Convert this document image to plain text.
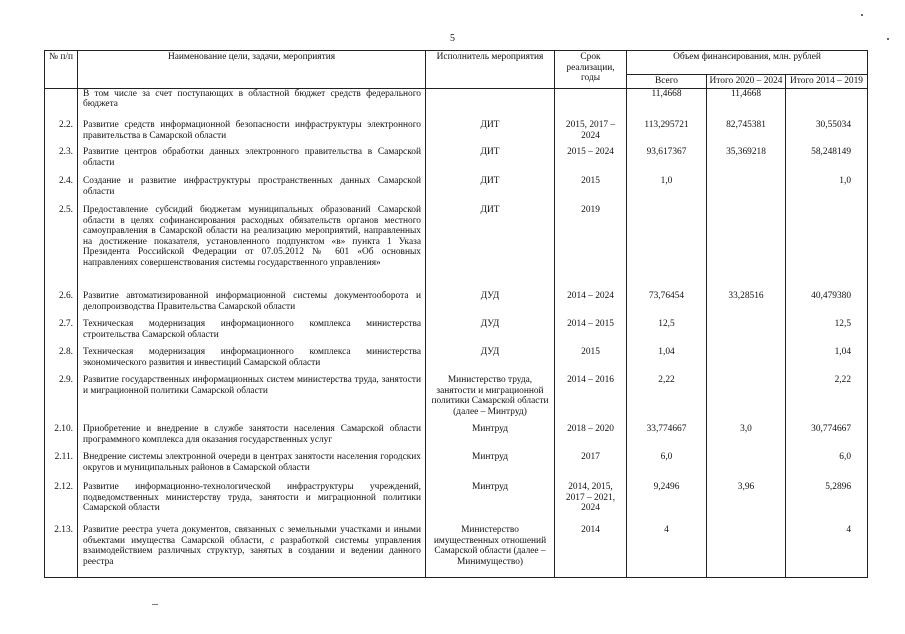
5
№ п/п	Наименование цели, задачи, мероприятия	Исполнитель мероприятия	Срок реализации, годы	Объем финансирования, млн. рублей		
				Всего	Итого 2020 – 2024	Итого 2014 – 2019
	В том числе за счет поступающих в областной бюджет средств федерального бюджета			11,4668	11,4668	
2.2.	Развитие средств информационной безопасности инфраструктуры электронного правительства в Самарской области	ДИТ	2015, 2017 – 2024	113,295721	82,745381	30,55034
2.3.	Развитие центров обработки данных электронного правительства в Самарской области	ДИТ	2015 – 2024	93,617367	35,369218	58,248149
2.4.	Создание и развитие инфраструктуры пространственных данных Самарской области	ДИТ	2015	1,0		1,0
2.5.	Предоставление субсидий бюджетам муниципальных образований Самарской области в целях софинансирования расходных обязательств органов местного самоуправления в Самарской области на реализацию мероприятий, направленных на достижение показателя, установленного подпунктом «в» пункта 1 Указа Президента Российской Федерации от 07.05.2012 № 601 «Об основных направлениях совершенствования системы государственного управления»	ДИТ	2019			
2.6.	Развитие автоматизированной информационной системы документооборота и делопроизводства Правительства Самарской области	ДУД	2014 – 2024	73,76454	33,28516	40,479380
2.7.	Техническая модернизация информационного комплекса министерства строительства Самарской области	ДУД	2014 – 2015	12,5		12,5
2.8.	Техническая модернизация информационного комплекса министерства экономического развития и инвестиций Самарской области	ДУД	2015	1,04		1,04
2.9.	Развитие государственных информационных систем министерства труда, занятости и миграционной политики Самарской области	Министерство труда, занятости и миграционной политики Самарской области (далее – Минтруд)	2014 – 2016	2,22		2,22
2.10.	Приобретение и внедрение в службе занятости населения Самарской области программного комплекса для оказания государственных услуг	Минтруд	2018 – 2020	33,774667	3,0	30,774667
2.11.	Внедрение системы электронной очереди в центрах занятости населения городских округов и муниципальных районов в Самарской области	Минтруд	2017	6,0		6,0
2.12.	Развитие информационно-технологической инфраструктуры учреждений, подведомственных министерству труда, занятости и миграционной политики Самарской области	Минтруд	2014, 2015, 2017 – 2021, 2024	9,2496	3,96	5,2896
2.13.	Развитие реестра учета документов, связанных с земельными участками и иными объектами имущества Самарской области, с разработкой системы управления взаимодействием различных структур, занятых в создании и ведении данного реестра	Министерство имущественных отношений Самарской области (далее – Минимущество)	2014	4		4
